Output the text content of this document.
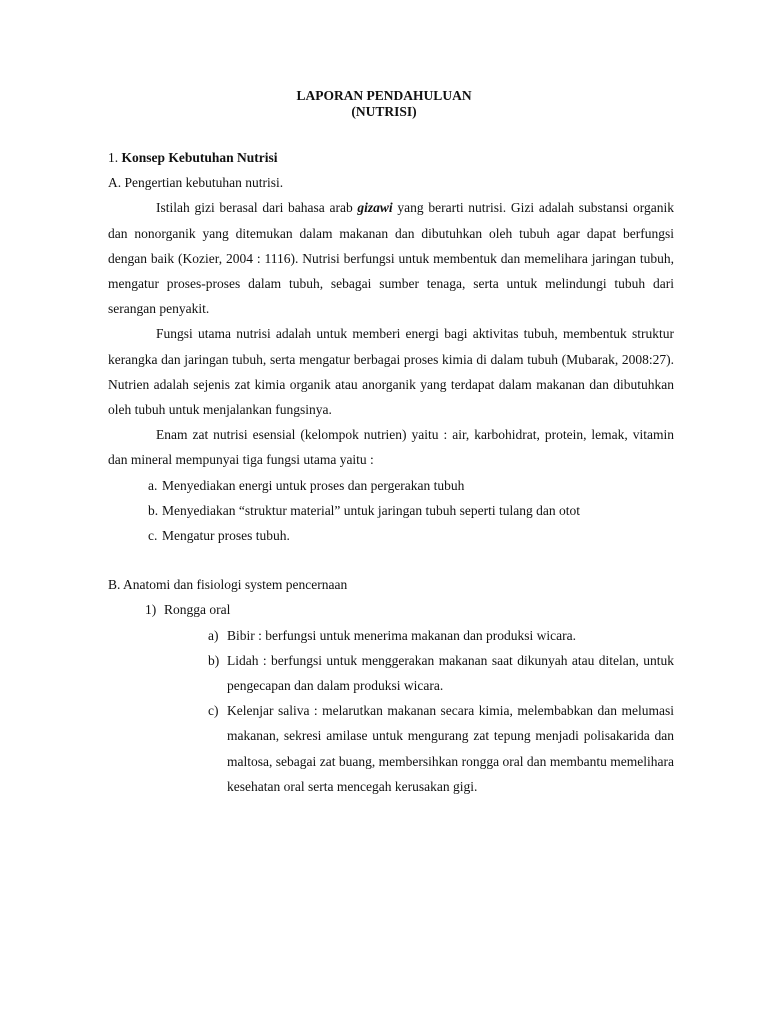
LAPORAN PENDAHULUAN
(NUTRISI)

1. Konsep Kebutuhan Nutrisi

A. Pengertian kebutuhan nutrisi.

Istilah gizi berasal dari bahasa arab gizawi yang berarti nutrisi. Gizi adalah substansi organik dan nonorganik yang ditemukan dalam makanan dan dibutuhkan oleh tubuh agar dapat berfungsi dengan baik (Kozier, 2004 : 1116). Nutrisi berfungsi untuk membentuk dan memelihara jaringan tubuh, mengatur proses-proses dalam tubuh, sebagai sumber tenaga, serta untuk melindungi tubuh dari serangan penyakit.

Fungsi utama nutrisi adalah untuk memberi energi bagi aktivitas tubuh, membentuk struktur kerangka dan jaringan tubuh, serta mengatur berbagai proses kimia di dalam tubuh (Mubarak, 2008:27). Nutrien adalah sejenis zat kimia organik atau anorganik yang terdapat dalam makanan dan dibutuhkan oleh tubuh untuk menjalankan fungsinya.

Enam zat nutrisi esensial (kelompok nutrien) yaitu : air, karbohidrat, protein, lemak, vitamin dan mineral mempunyai tiga fungsi utama yaitu :

a. Menyediakan energi untuk proses dan pergerakan tubuh
b. Menyediakan “struktur material” untuk jaringan tubuh seperti tulang dan otot
c. Mengatur proses tubuh.

B. Anatomi dan fisiologi system pencernaan

1) Rongga oral
a) Bibir : berfungsi untuk menerima makanan dan produksi wicara.
b) Lidah : berfungsi untuk menggerakan makanan saat dikunyah atau ditelan, untuk pengecapan dan dalam produksi wicara.
c) Kelenjar saliva : melarutkan makanan secara kimia, melembabkan dan melumasi makanan, sekresi amilase untuk mengurang zat tepung menjadi polisakarida dan maltosa, sebagai zat buang, membersihkan rongga oral dan membantu memelihara kesehatan oral serta mencegah kerusakan gigi.
